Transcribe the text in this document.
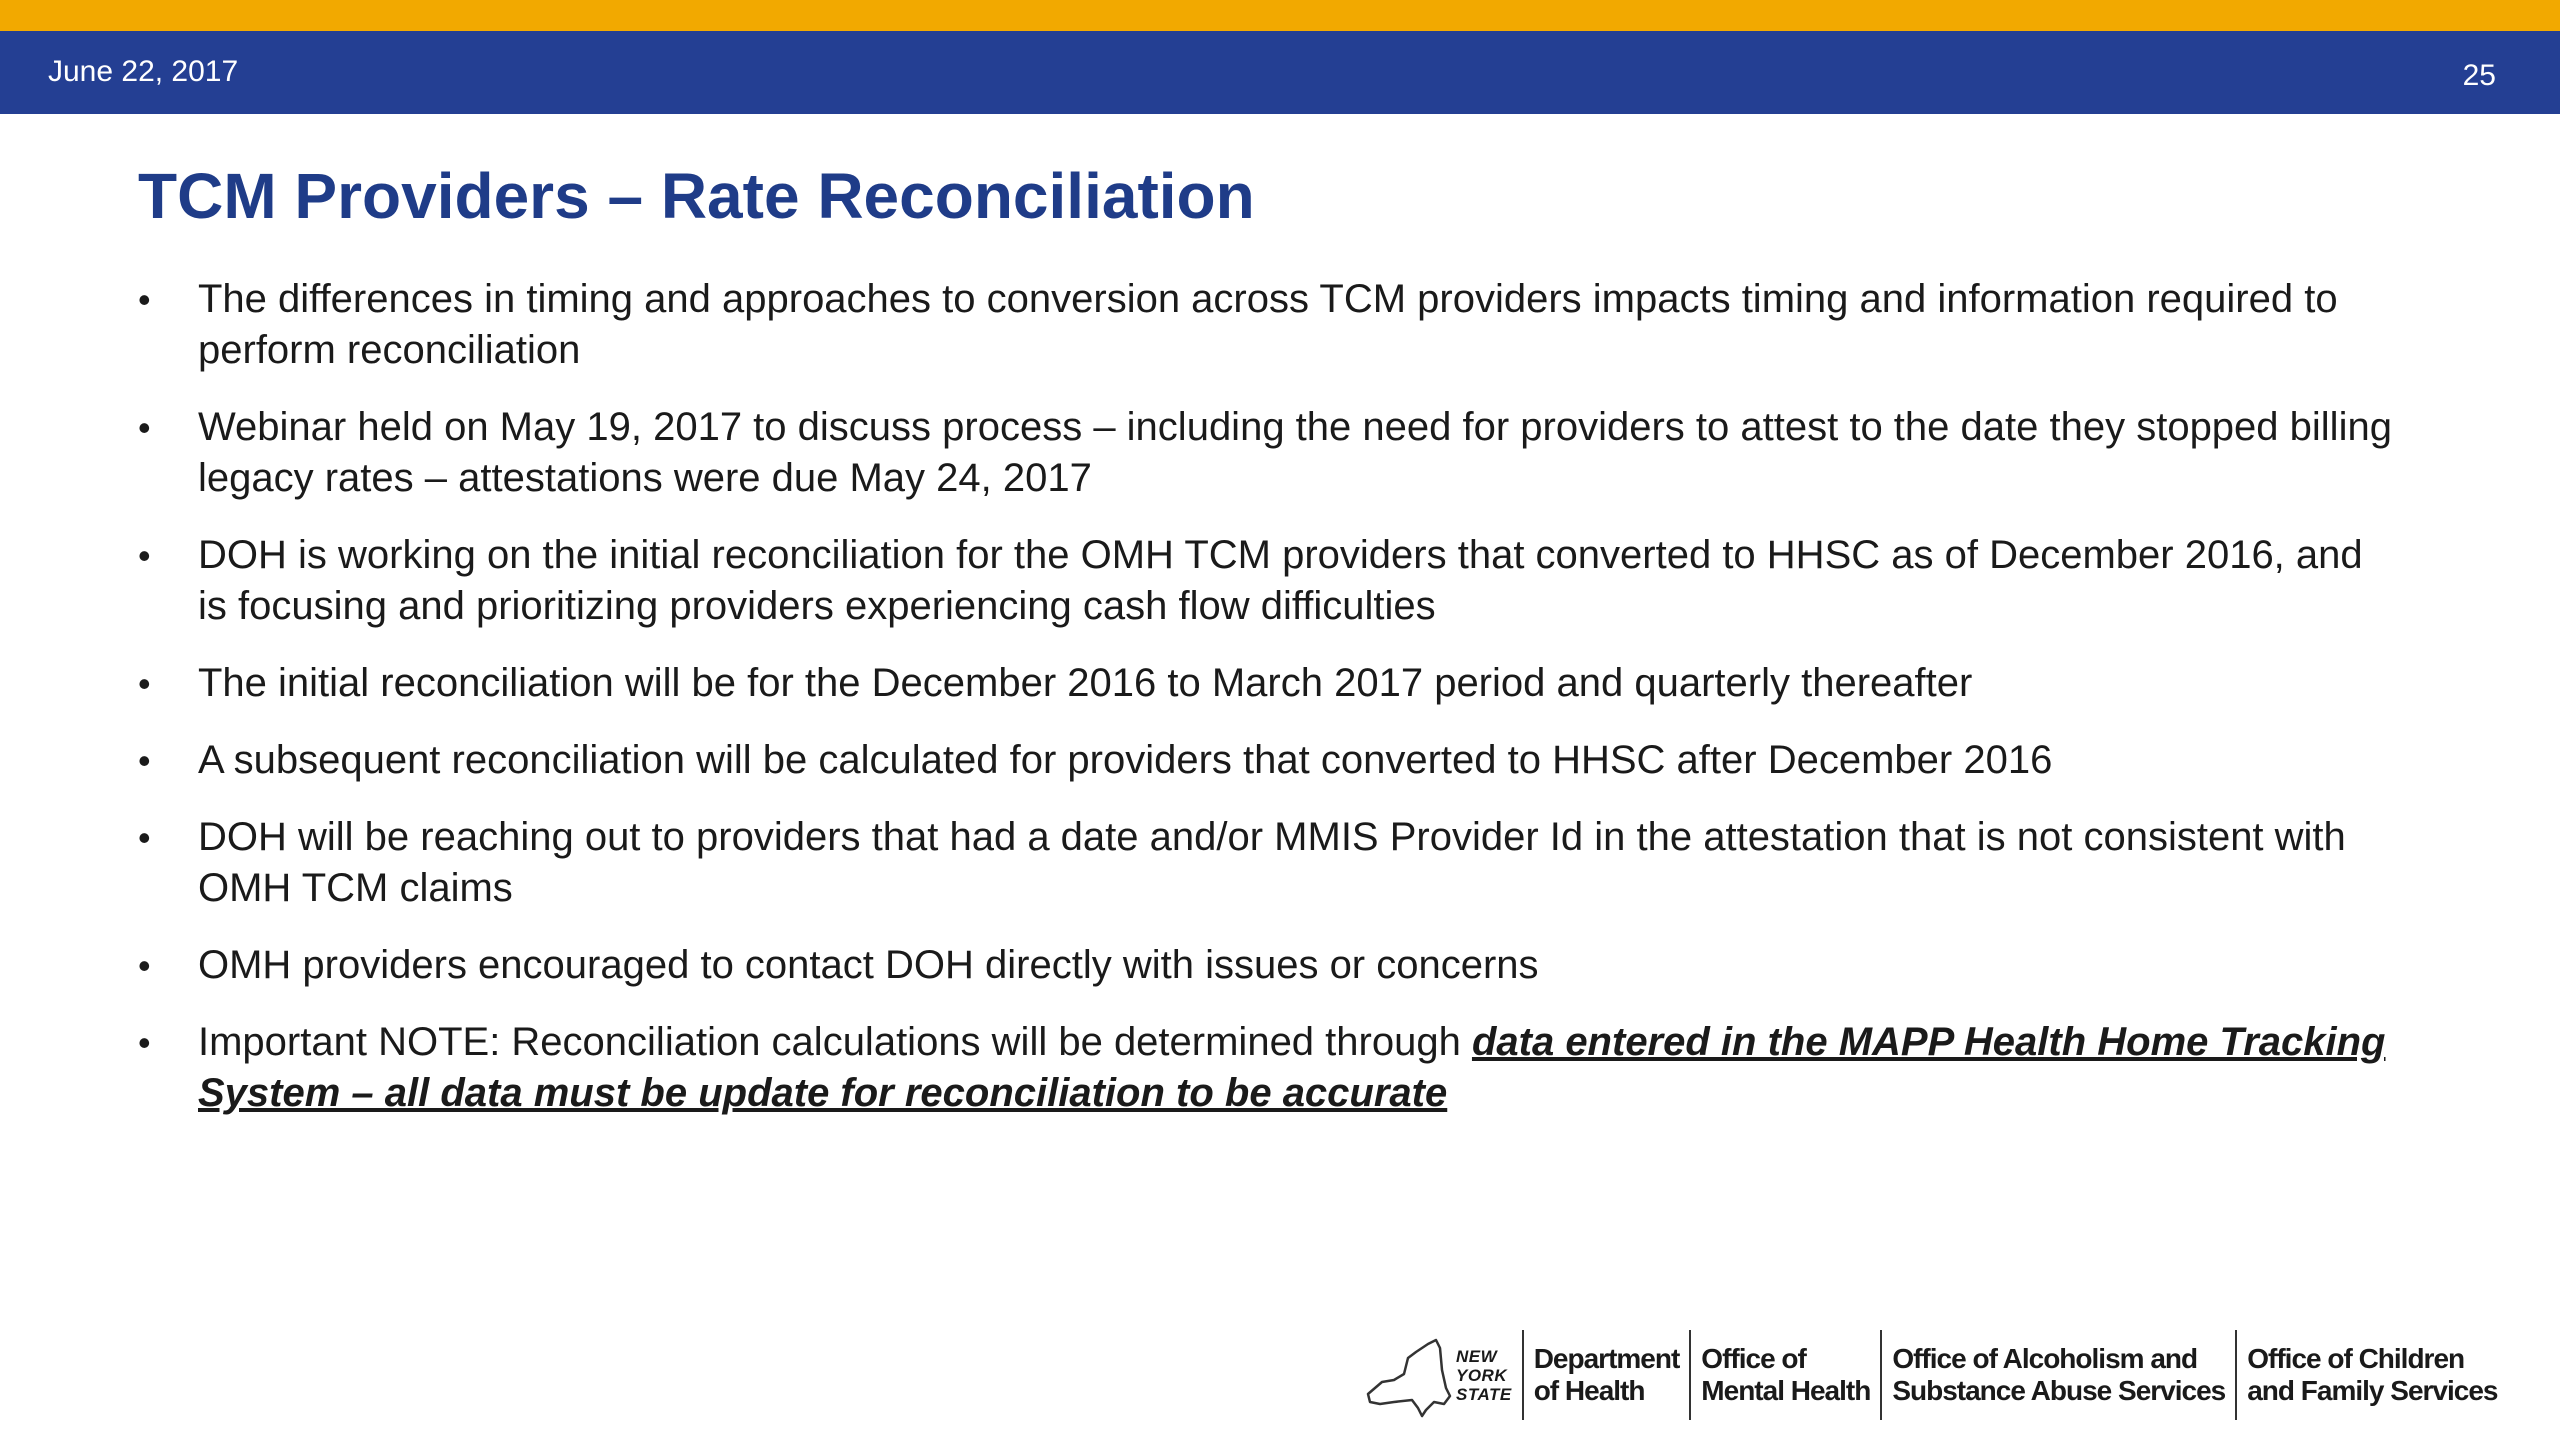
June 22, 2017	25
TCM Providers – Rate Reconciliation
•	The differences in timing and approaches to conversion across TCM providers impacts timing and information required to perform reconciliation
•	Webinar held on May 19, 2017 to discuss process – including the need for providers to attest to the date they stopped billing legacy rates – attestations were due May 24, 2017
•	DOH is working on the initial reconciliation for the OMH TCM providers that converted to HHSC as of December 2016, and is focusing and prioritizing providers experiencing cash flow difficulties
•	The initial reconciliation will be for the December 2016 to March 2017 period and quarterly thereafter
•	A subsequent reconciliation will be calculated for providers that converted to HHSC after December 2016
•	DOH will be reaching out to providers that had a date and/or MMIS Provider Id in the attestation that is not consistent with OMH TCM claims
•	OMH providers encouraged to contact DOH directly with issues or concerns
•	Important NOTE: Reconciliation calculations will be determined through data entered in the MAPP Health Home Tracking System – all data must be update for reconciliation to be accurate
NEW
YORK
STATE
Department
of Health
Office of
Mental Health
Office of Alcoholism and
Substance Abuse Services
Office of Children
and Family Services
